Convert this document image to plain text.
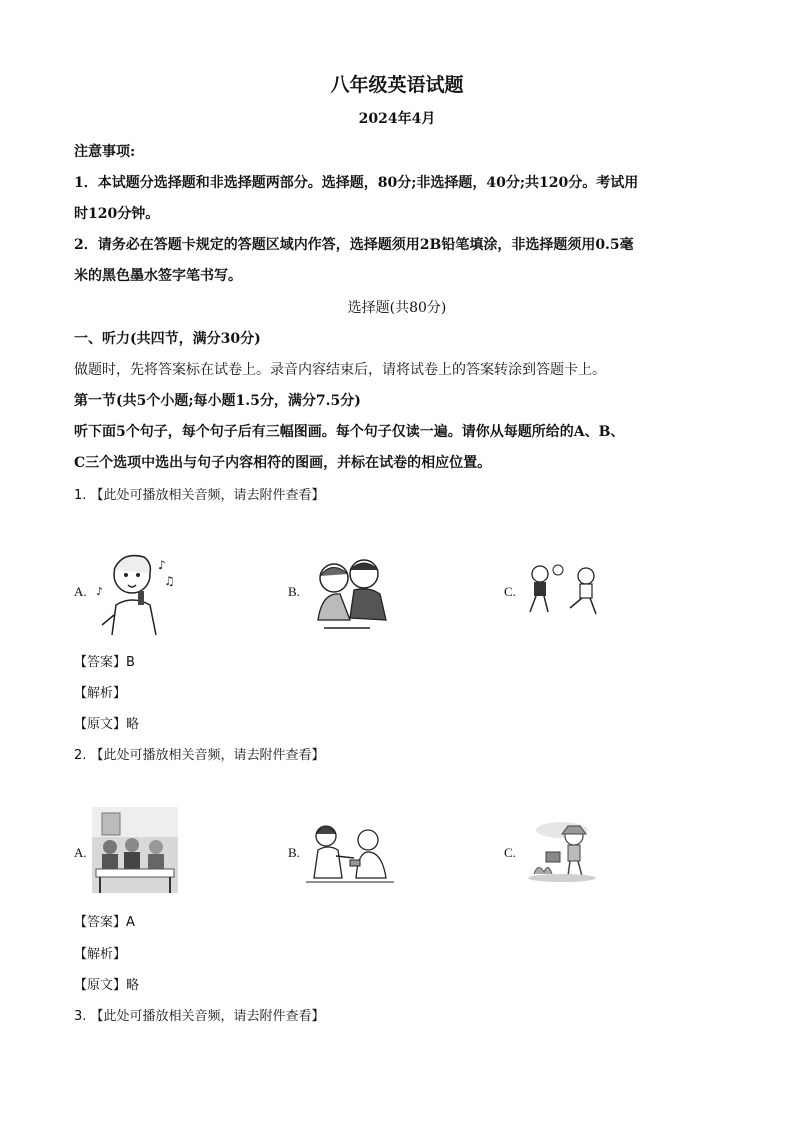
八年级英语试题
2024年4月
注意事项:
1．本试题分选择题和非选择题两部分。选择题，80分;非选择题，40分;共120分。考试用
时120分钟。
2．请务必在答题卡规定的答题区域内作答，选择题须用2B铅笔填涂，非选择题须用0.5毫
米的黑色墨水签字笔书写。
选择题(共80分)
一、听力(共四节，满分30分)
做题时，先将答案标在试卷上。录音内容结束后，请将试卷上的答案转涂到答题卡上。
第一节(共5个小题;每小题1.5分，满分7.5分)
听下面5个句子，每个句子后有三幅图画。每个句子仅读一遍。请你从每题所给的A、B、
C三个选项中选出与句子内容相符的图画，并标在试卷的相应位置。
1. 【此处可播放相关音频，请去附件查看】
A.
♪
♫
♪	B.	C.
【答案】B
【解析】
【原文】略
2. 【此处可播放相关音频，请去附件查看】
A.	B.	C.
【答案】A
【解析】
【原文】略
3. 【此处可播放相关音频，请去附件查看】
